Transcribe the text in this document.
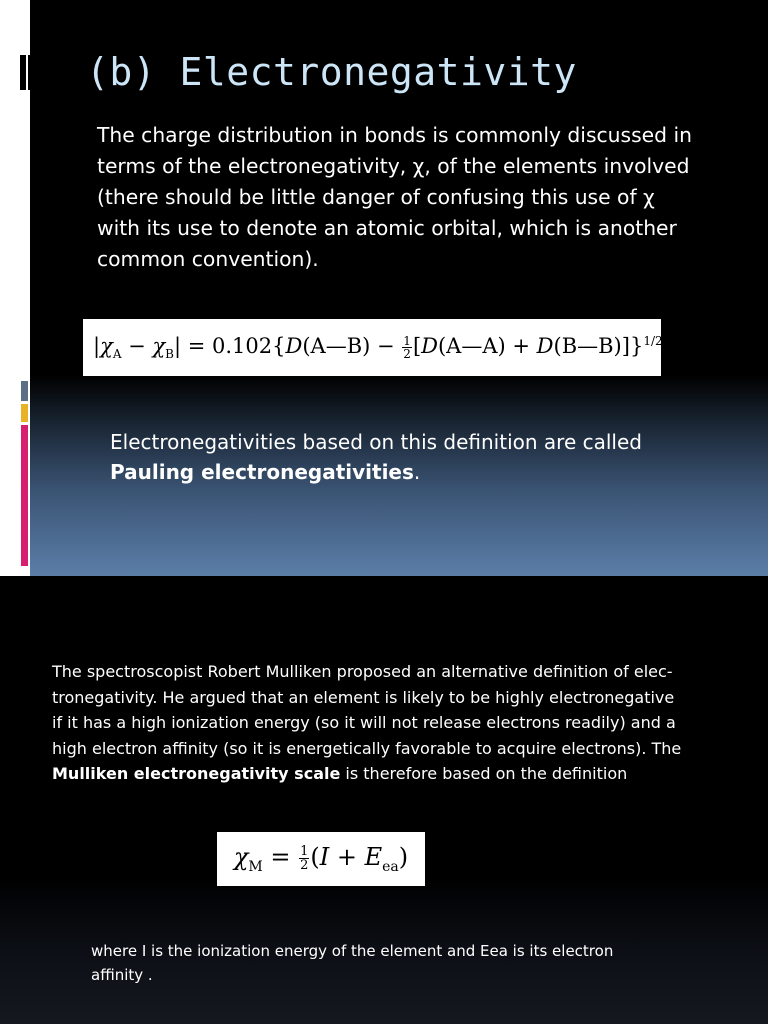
(b) Electronegativity
The charge distribution in bonds is commonly discussed in
terms of the electronegativity, χ, of the elements involved
(there should be little danger of confusing this use of χ
with its use to denote an atomic orbital, which is another
common convention).
$|\chi_A - \chi_B|$ = 0.102{D(A—B) − $\frac{1}{2}$ [D(A—A) + D(B—B)]}$^{1/2}$
Electronegativities based on this definition are called
Pauling electronegativities.
The spectroscopist Robert Mulliken proposed an alternative definition of elec-
tronegativity. He argued that an element is likely to be highly electronegative
if it has a high ionization energy (so it will not release electrons readily) and a
high electron affinity (so it is energetically favorable to acquire electrons). The
Mulliken electronegativity scale is therefore based on the definition
$\chi_M = \frac{1}{2} (I + E_{ea})$
where I is the ionization energy of the element and Eea is its electron
affinity .
